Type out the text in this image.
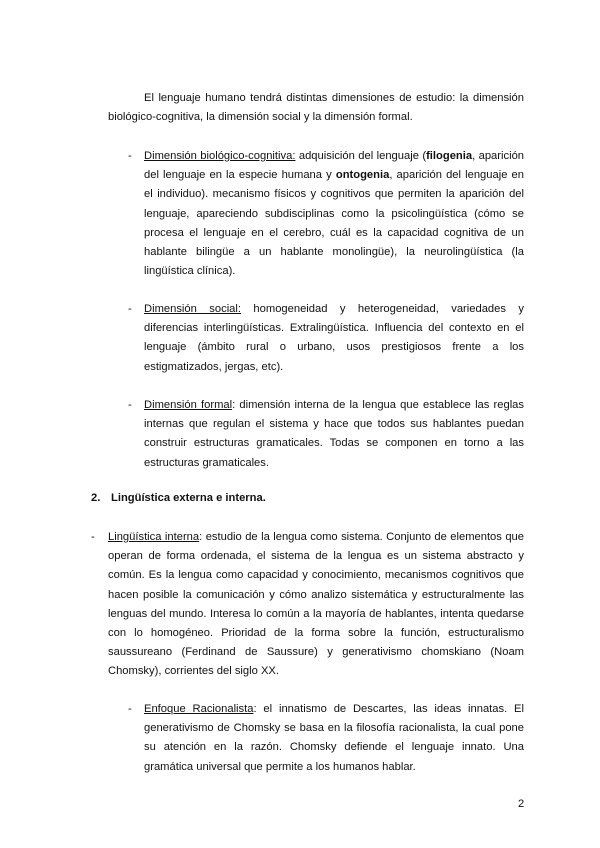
El lenguaje humano tendrá distintas dimensiones de estudio: la dimensión biológico-cognitiva, la dimensión social y la dimensión formal.

- Dimensión biológico-cognitiva: adquisición del lenguaje (filogenia, aparición del lenguaje en la especie humana y ontogenia, aparición del lenguaje en el individuo). mecanismo físicos y cognitivos que permiten la aparición del lenguaje, apareciendo subdisciplinas como la psicolingüística (cómo se procesa el lenguaje en el cerebro, cuál es la capacidad cognitiva de un hablante bilingüe a un hablante monolingüe), la neurolingüística (la lingüística clínica).

- Dimensión social: homogeneidad y heterogeneidad, variedades y diferencias interlingüísticas. Extralingüística. Influencia del contexto en el lenguaje (ámbito rural o urbano, usos prestigiosos frente a los estigmatizados, jergas, etc).

- Dimensión formal: dimensión interna de la lengua que establece las reglas internas que regulan el sistema y hace que todos sus hablantes puedan construir estructuras gramaticales. Todas se componen en torno a las estructuras gramaticales.

2. Lingüística externa e interna.
- Lingüística interna: estudio de la lengua como sistema. Conjunto de elementos que operan de forma ordenada, el sistema de la lengua es un sistema abstracto y común. Es la lengua como capacidad y conocimiento, mecanismos cognitivos que hacen posible la comunicación y cómo analizo sistemática y estructuralmente las lenguas del mundo. Interesa lo común a la mayoría de hablantes, intenta quedarse con lo homogéneo. Prioridad de la forma sobre la función, estructuralismo saussureano (Ferdinand de Saussure) y generativismo chomskiano (Noam Chomsky), corrientes del siglo XX.

- Enfoque Racionalista: el innatismo de Descartes, las ideas innatas. El generativismo de Chomsky se basa en la filosofía racionalista, la cual pone su atención en la razón. Chomsky defiende el lenguaje innato. Una gramática universal que permite a los humanos hablar.

2
